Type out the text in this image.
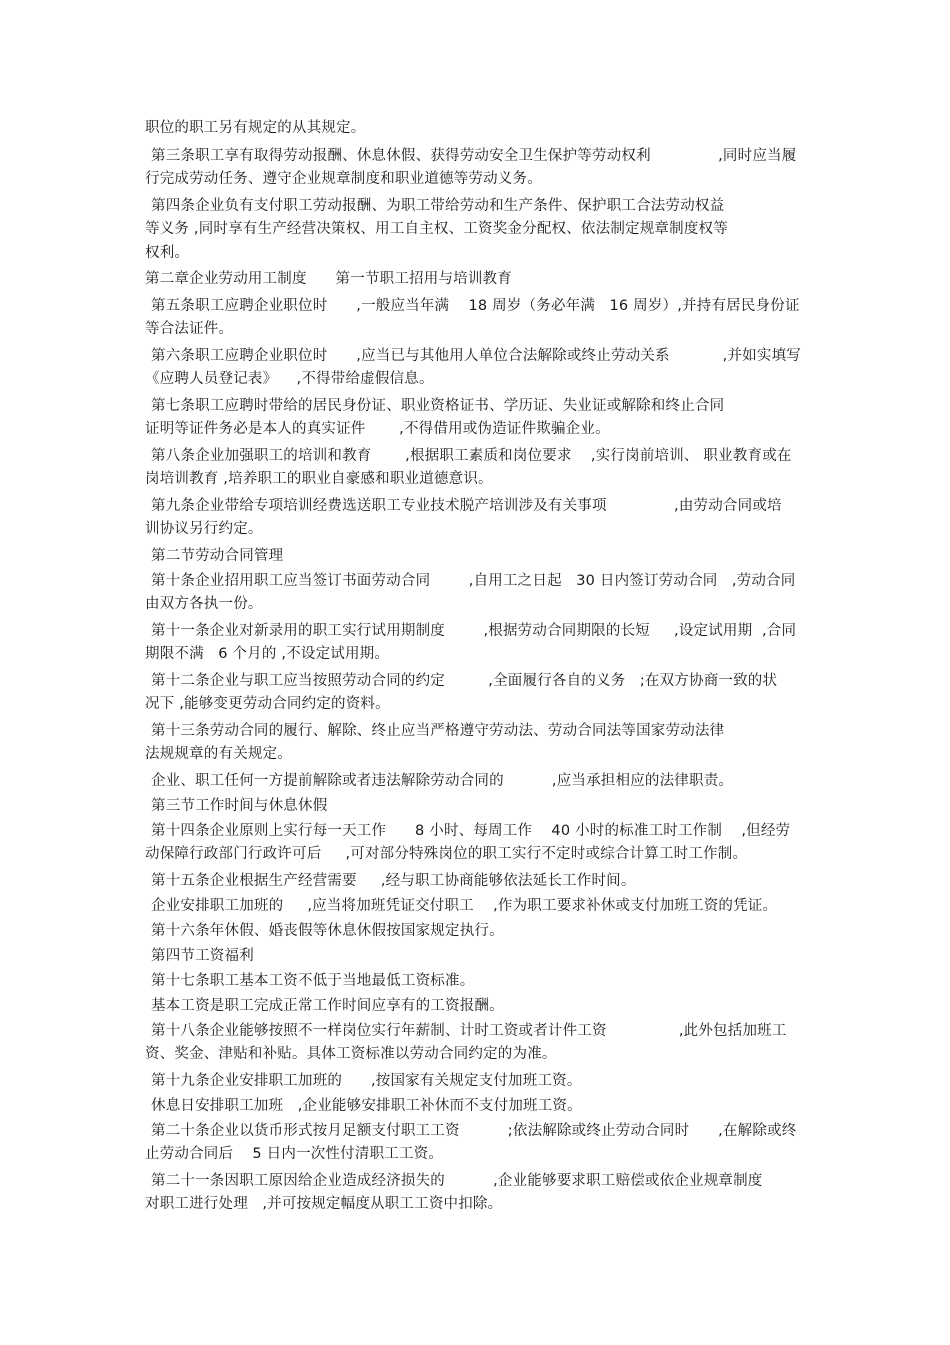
职位的职工另有规定的从其规定。
第三条职工享有取得劳动报酬、休息休假、获得劳动安全卫生保护等劳动权利              ,同时应当履
行完成劳动任务、遵守企业规章制度和职业道德等劳动义务。
第四条企业负有支付职工劳动报酬、为职工带给劳动和生产条件、保护职工合法劳动权益
等义务 ,同时享有生产经营决策权、用工自主权、工资奖金分配权、依法制定规章制度权等
权利。
第二章企业劳动用工制度      第一节职工招用与培训教育
第五条职工应聘企业职位时      ,一般应当年满    18 周岁（务必年满   16 周岁）,并持有居民身份证
等合法证件。
第六条职工应聘企业职位时      ,应当已与其他用人单位合法解除或终止劳动关系           ,并如实填写
《应聘人员登记表》    ,不得带给虚假信息。
第七条职工应聘时带给的居民身份证、职业资格证书、学历证、失业证或解除和终止合同
证明等证件务必是本人的真实证件       ,不得借用或伪造证件欺骗企业。
第八条企业加强职工的培训和教育       ,根据职工素质和岗位要求    ,实行岗前培训、 职业教育或在
岗培训教育 ,培养职工的职业自豪感和职业道德意识。
第九条企业带给专项培训经费选送职工专业技术脱产培训涉及有关事项              ,由劳动合同或培
训协议另行约定。
第二节劳动合同管理
第十条企业招用职工应当签订书面劳动合同        ,自用工之日起   30 日内签订劳动合同   ,劳动合同
由双方各执一份。
第十一条企业对新录用的职工实行试用期制度        ,根据劳动合同期限的长短     ,设定试用期  ,合同
期限不满   6 个月的 ,不设定试用期。
第十二条企业与职工应当按照劳动合同的约定         ,全面履行各自的义务   ;在双方协商一致的状
况下 ,能够变更劳动合同约定的资料。
第十三条劳动合同的履行、解除、终止应当严格遵守劳动法、劳动合同法等国家劳动法律
法规规章的有关规定。
企业、职工任何一方提前解除或者违法解除劳动合同的          ,应当承担相应的法律职责。
第三节工作时间与休息休假
第十四条企业原则上实行每一天工作      8 小时、每周工作    40 小时的标准工时工作制    ,但经劳
动保障行政部门行政许可后     ,可对部分特殊岗位的职工实行不定时或综合计算工时工作制。
第十五条企业根据生产经营需要     ,经与职工协商能够依法延长工作时间。
企业安排职工加班的     ,应当将加班凭证交付职工    ,作为职工要求补休或支付加班工资的凭证。
第十六条年休假、婚丧假等休息休假按国家规定执行。
第四节工资福利
第十七条职工基本工资不低于当地最低工资标准。
基本工资是职工完成正常工作时间应享有的工资报酬。
第十八条企业能够按照不一样岗位实行年薪制、计时工资或者计件工资               ,此外包括加班工
资、奖金、津贴和补贴。具体工资标准以劳动合同约定的为准。
第十九条企业安排职工加班的      ,按国家有关规定支付加班工资。
休息日安排职工加班   ,企业能够安排职工补休而不支付加班工资。
第二十条企业以货币形式按月足额支付职工工资          ;依法解除或终止劳动合同时      ,在解除或终
止劳动合同后    5 日内一次性付清职工工资。
第二十一条因职工原因给企业造成经济损失的          ,企业能够要求职工赔偿或依企业规章制度
对职工进行处理   ,并可按规定幅度从职工工资中扣除。
